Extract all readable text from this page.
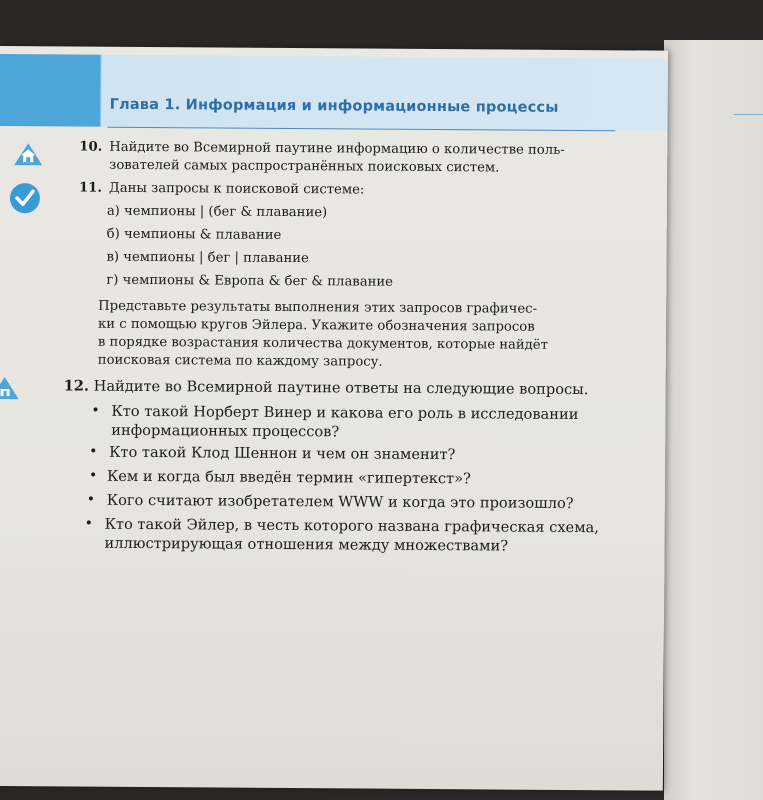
Глава 1. Информация и информационные процессы
10. Найдите во Всемирной паутине информацию о количестве поль-
зователей самых распространённых поисковых систем.
11. Даны запросы к поисковой системе:
а) чемпионы | (бег & плавание)
б) чемпионы & плавание
в) чемпионы | бег | плавание
г) чемпионы & Европа & бег & плавание
Представьте результаты выполнения этих запросов графичес-
ки с помощью кругов Эйлера. Укажите обозначения запросов
в порядке возрастания количества документов, которые найдёт
поисковая система по каждому запросу.
12. Найдите во Всемирной паутине ответы на следующие вопросы.
• Кто такой Норберт Винер и какова его роль в исследовании
информационных процессов?
• Кто такой Клод Шеннон и чем он знаменит?
• Кем и когда был введён термин «гипертекст»?
• Кого считают изобретателем WWW и когда это произошло?
• Кто такой Эйлер, в честь которого названа графическая схема,
иллюстрирующая отношения между множествами?
